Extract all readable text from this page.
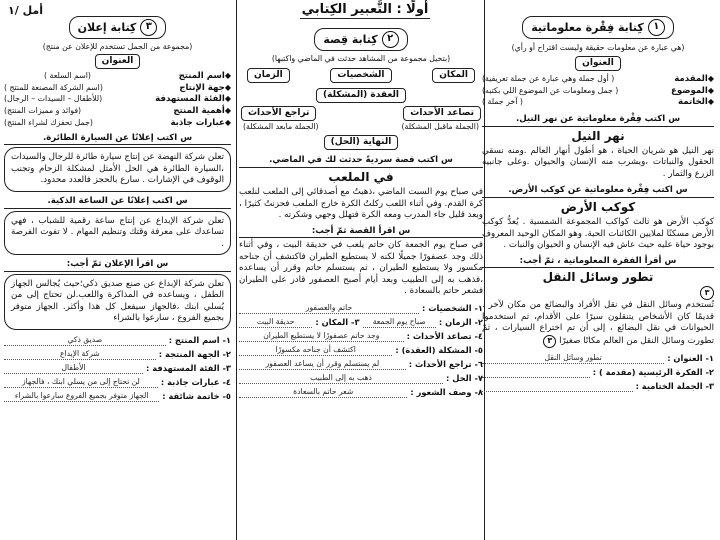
أمل /١	أولًا : التَّعبير الكِتابي
١
كِتابة فِقْرة معلوماتية
(هي عبارة عن معلومات حقيقة وليست اقتراح أو رأي)
العنوان
◆المقدمة
( أول جملة وهي عبارة عن جملة تعريفية)
◆الموضوع
( جمل ومعلومات عن الموضوع اللي بكتبه)
◆الخاتمة
( آخر جملة )
س اكتب فِقْرة معلوماتية عن نهر النيل.
نهر النيل
نهر النيل هو شريان الحياة ، هو أطول أنهار العالم .ومنه نسقي الحقول والنباتات ،ويشرب منه الإنسان والحيوان .وعلى جانبيه الزرع والثمار .
س اكتب فِقْرة معلوماتية عن كوكب الأرض.
كوكب الأرض
كوكب الأرض هو ثالث كواكب المجموعة الشمسية . يُعدُّ كوكب الأرض مسكنًا لملايين الكائنات الحية. وهو المكان الوحيد المعروف بوجود حياة عليه حيث عاش فيه الإنسان و الحيوان والنبات .
س أقرأ الفقرة المعلوماتية ، ثمّ أجب:
تطور وسائل النقل
٣
تُستخدم وسائل النقل في نقل الأفراد والبضائع من مكان لآخر . قديمًا كان الأشخاص يتنقلون سيرًا على الأقدام، ثم استخدموا الحيوانات في نقل البضائع ، إلى أن تم اختراع السيارات ، ثمّ تطورت وسائل النقل من العالم مكانًا صغيرًا ٣
١- العنوان :
تطور وسائل النقل
٢- الفكرة الرئيسية (مقدمة ) :
٣- الجملة الختامية :
٢
كِتابة قِصة
(بتخيل مجموعة من المشاهد حدثت في الماضي واكتبها)
المكان
الشخصيات
الزمان
العقدة (المشكلة)
تصاعد الأحداث
تراجع الأحداث
(الجملة ماقبل المشكلة)
(الجملة مابعد المشكلة)
النهاية (الحل)
س اكتب قصة سرديةً حدثت لك في الماضي.
في الملعب
في صباح يوم السبت الماضي ،ذهبتُ مع أصدقائي إلى الملعب لنلعب كرة القدم. وفي أثناء اللعب ركلتُ الكرة خارج الملعب فحزنتُ كثيرًا ، وبعد قليل جاء المدرب ومعه الكرة فتهلل وجهي وشكرته .
س اقرأ القصة ثمّ أجب:
في صباح يوم الجمعة كان حاتم يلعب في حديقة البيت ، وفي أثناء ذلك وجد عصفورًا جميلًا لكنه لا يستطيع الطيران فاكتشف أن جناحه مكسور ولا يستطيع الطيران ، ثم يستسلم حاتم وقرر أن يساعده ،فذهب به إلى الطبيب وبعد أيام أصبح العصفور قادر على الطيران فشعر حاتم بالسعادة .
١- الشخصيات :
حاتم والعصفور
٢- الزمان :
صباح يوم الجمعة
٣- المكان :
حديقة البيت
٤- تصاعد الأحداث :
وجد حاتم عصفورًا لا يستطيع الطيران
٥- المشكلة (العقدة) :
اكتشف أن جناحه مكسورًا
٦- تراجع الأحداث :
لم يستسلم وقرر أن يساعد العصفور
٧- الحل :
ذهب به إلى الطبيب
٨- وصف الشعور :
شعر حاتم بالسعادة
٣
كِتابة إعلان
(مجموعة من الجمل تستخدم للإعلان عن منتج)
العنوان
◆اسم المنتج
(اسم السلعة )
◆جهة الإنتاج
(اسم الشركة المصنعة للمنتج )
◆الفئة المستهدفة
(للأطفال – السيدات – الرجال)
◆أهمية المنتج
(فوائد و مميزات المنتج)
◆عبارات جاذبة
(جمل تحفزك لشراء المنتج)
س اكتب إعلانًا عن السيارة الطائرة.
تعلن شركة النهضة عن إنتاج سيارة طائرة للرجال والسيدات ،السيارة الطائرة هي الحل الأمثل لمشكلة الزحام وتجنب الوقوف في الإشارات . سارع بالحجز فالعدد محدود.
س اكتب إعلانًا عن الساعة الذكية.
تعلن شركة الإبداع عن إنتاج ساعة رقمية للشباب ، فهي تساعدك على معرفة وقتك وتنظيم المهام . لا تفوت الفرصة .
س اقرأ الإعلان ثمّ أجب:
تعلن شركة الإبداع عن صنع صديق ذكي؛حيث يُجالس الجهاز الطفل ، ويساعده في المذاكرة واللعب.لن تحتاج إلى من يُسلي ابنك ،فالجهاز سيفعل كل هذا وأكثر. الجهاز متوفر بجميع الفروع ، سارعوا بالشراء
١- اسم المنتج :
صديق ذكي
٢- الجهة المنتجة :
شركة الإبداع
٣- الفئة المستهدفة :
الأطفال
٤- عبارات جاذبة :
لن تحتاج إلى من يسلي ابنك ، فالجهاز
٥- خاتمة شائقة :
الجهاز متوفر بجميع الفروع سارعوا بالشراء
